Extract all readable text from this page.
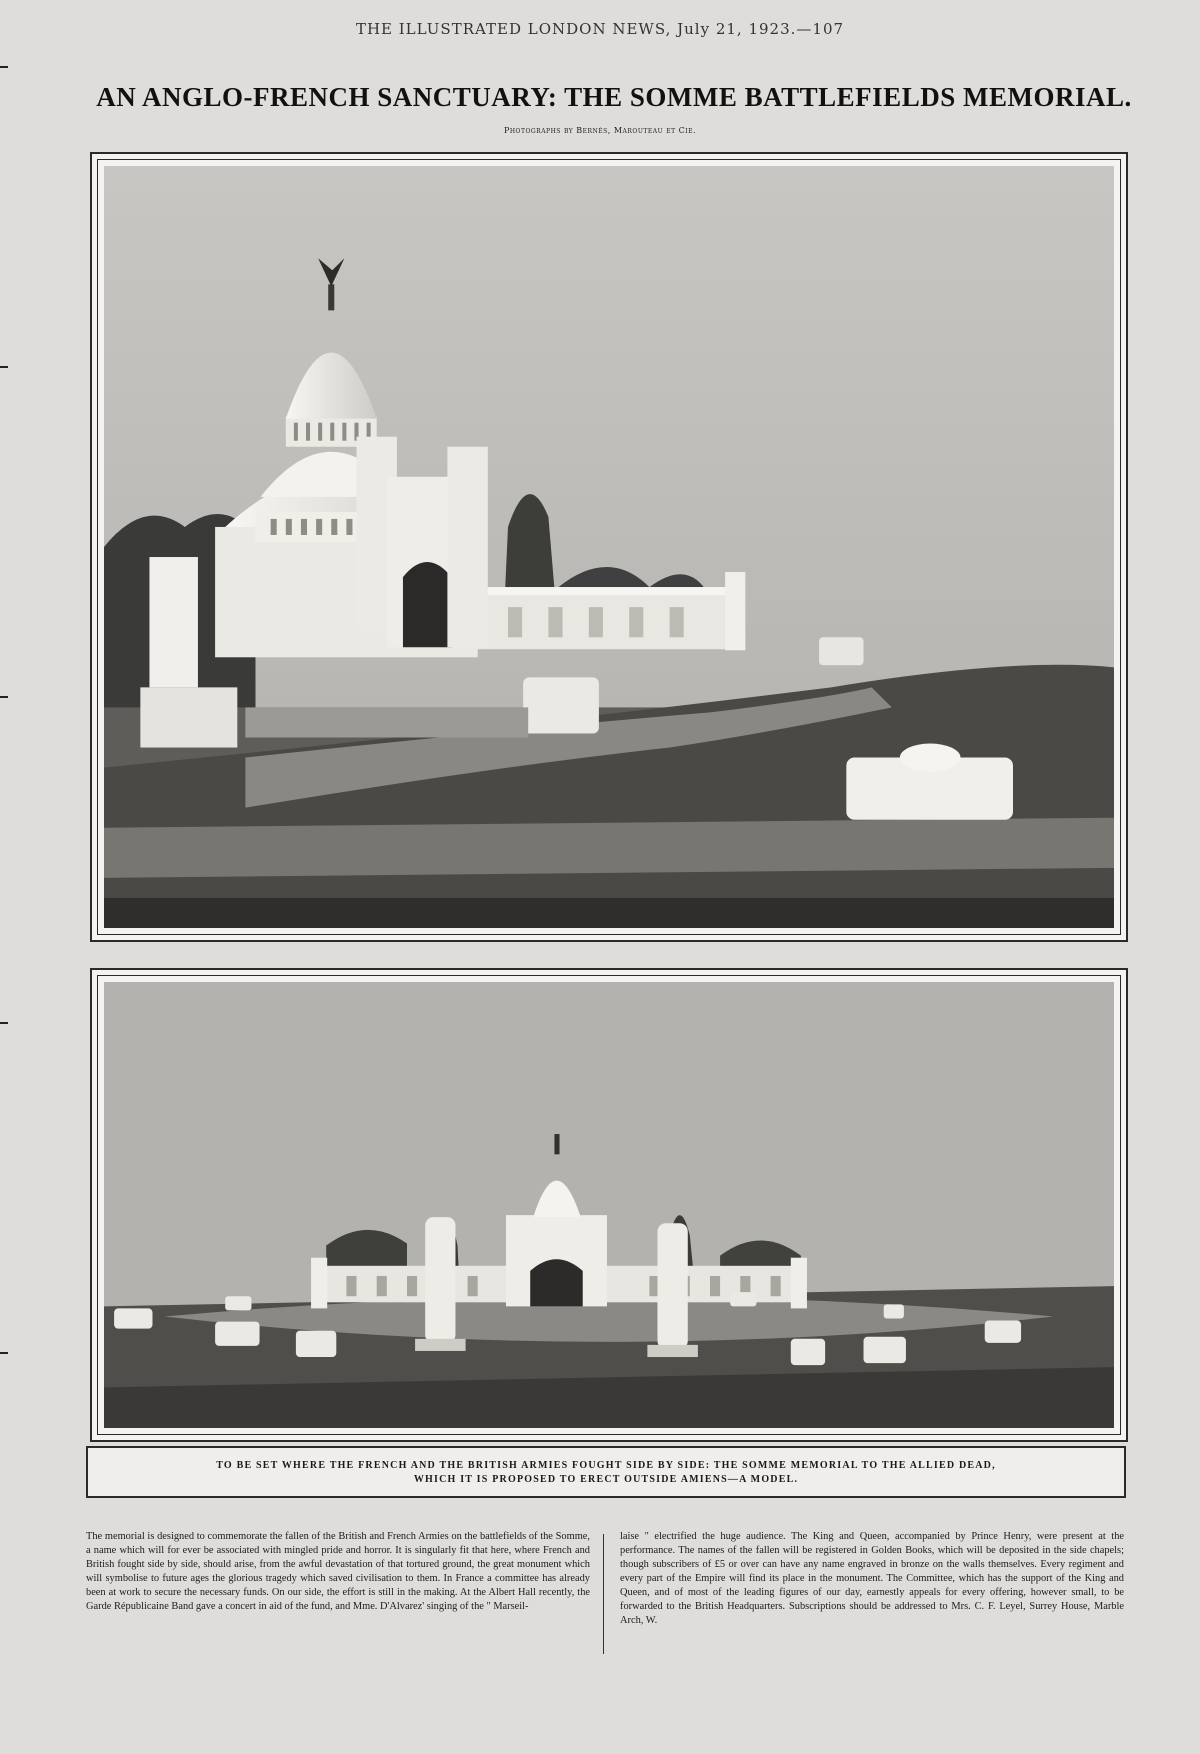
THE ILLUSTRATED LONDON NEWS, July 21, 1923.—107
AN ANGLO-FRENCH SANCTUARY: THE SOMME BATTLEFIELDS MEMORIAL.
Photographs by Bernès, Marouteau et Cie.
TO BE SET WHERE THE FRENCH AND THE BRITISH ARMIES FOUGHT SIDE BY SIDE: THE SOMME MEMORIAL TO THE ALLIED DEAD,
WHICH IT IS PROPOSED TO ERECT OUTSIDE AMIENS—A MODEL.
The memorial is designed to commemorate the fallen of the British and French Armies on the battlefields of the Somme, a name which will for ever be associated with mingled pride and horror. It is singularly fit that here, where French and British fought side by side, should arise, from the awful devastation of that tortured ground, the great monument which will symbolise to future ages the glorious tragedy which saved civilisation to them. In France a committee has already been at work to secure the necessary funds. On our side, the effort is still in the making. At the Albert Hall recently, the Garde Républicaine Band gave a concert in aid of the fund, and Mme. D'Alvarez' singing of the " Marseil-
laise " electrified the huge audience. The King and Queen, accompanied by Prince Henry, were present at the performance. The names of the fallen will be registered in Golden Books, which will be deposited in the side chapels; though subscribers of £5 or over can have any name engraved in bronze on the walls themselves. Every regiment and every part of the Empire will find its place in the monument. The Committee, which has the support of the King and Queen, and of most of the leading figures of our day, earnestly appeals for every offering, however small, to be forwarded to the British Headquarters. Subscriptions should be addressed to Mrs. C. F. Leyel, Surrey House, Marble Arch, W.
